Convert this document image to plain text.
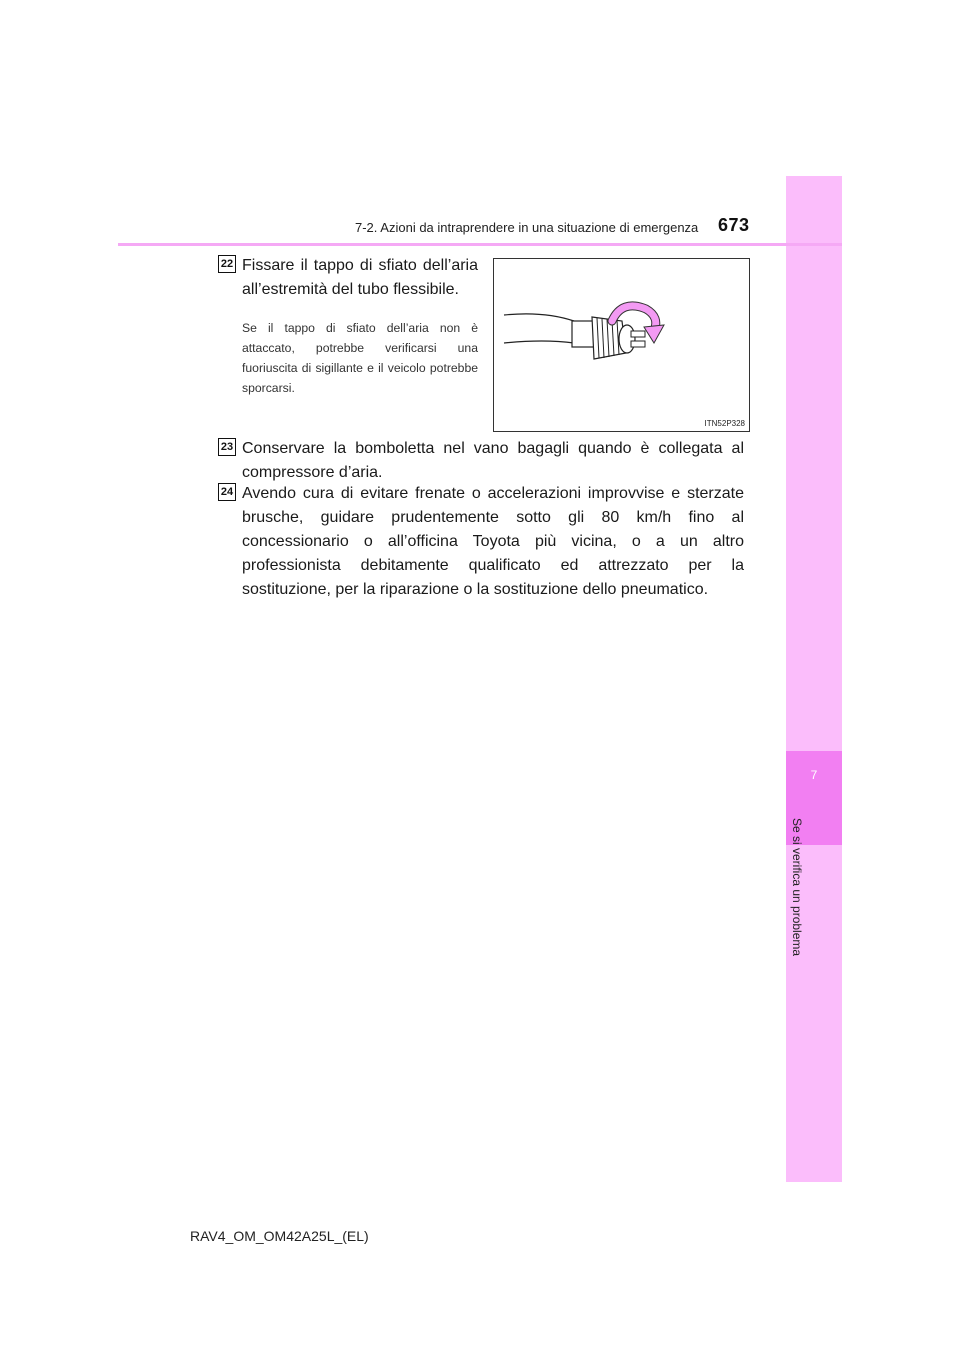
7
Se si verifica un problema
7-2. Azioni da intraprendere in una situazione di emergenza 673
22 Fissare il tappo di sfiato dell’aria all’estremità del tubo flessibile.
Se il tappo di sfiato dell’aria non è attaccato, potrebbe verificarsi una fuoriuscita di sigillante e il veicolo potrebbe sporcarsi.
ITN52P328
23 Conservare la bomboletta nel vano bagagli quando è collegata al compressore d’aria.
24 Avendo cura di evitare frenate o accelerazioni improvvise e sterzate brusche, guidare prudentemente sotto gli 80 km/h fino al concessionario o all’officina Toyota più vicina, o a un altro professionista debitamente qualificato ed attrezzato per la sostituzione, per la riparazione o la sostituzione dello pneumatico.
RAV4_OM_OM42A25L_(EL)
